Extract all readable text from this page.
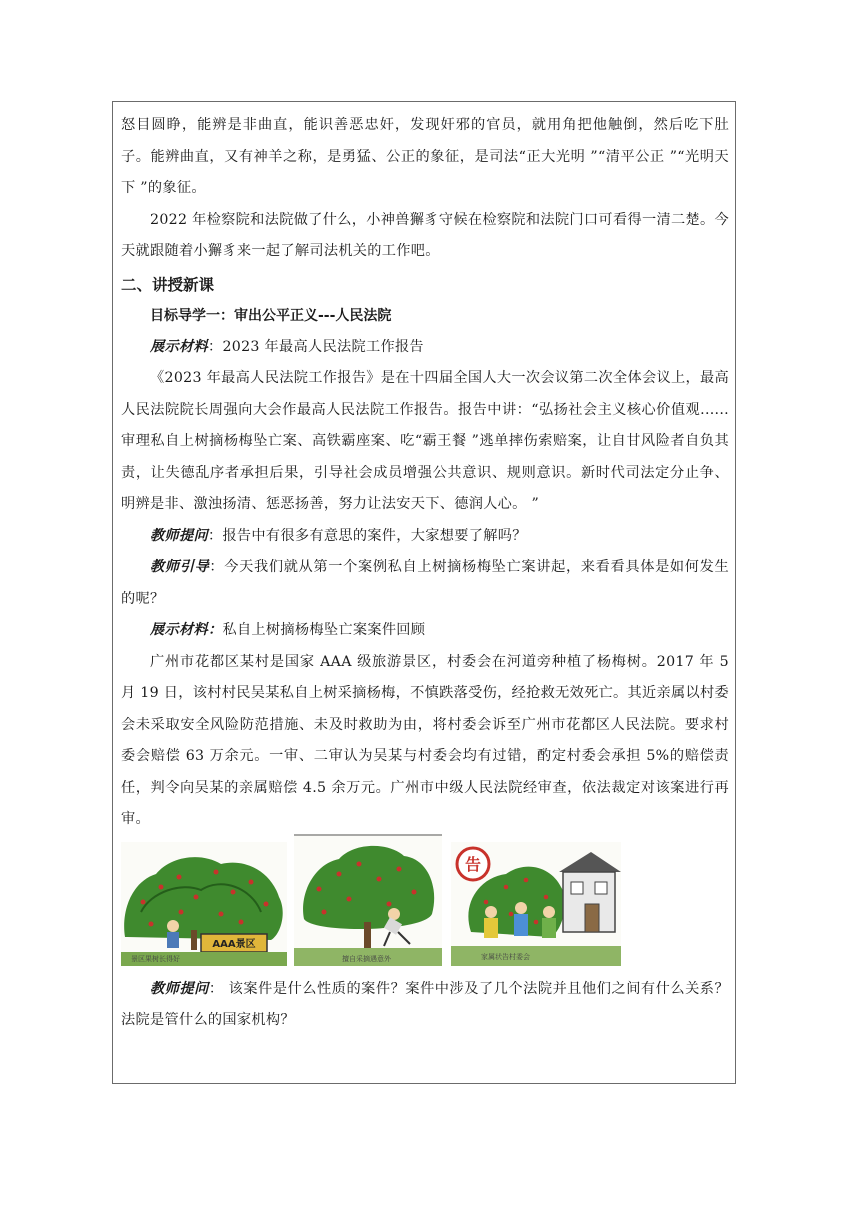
怒目圆睁，能辨是非曲直，能识善恶忠奸，发现奸邪的官员，就用角把他触倒，然后吃下肚子。能辨曲直，又有神羊之称，是勇猛、公正的象征，是司法“正大光明 ”“清平公正 ”“光明天下 ”的象征。

2022 年检察院和法院做了什么，小神兽獬豸守候在检察院和法院门口可看得一清二楚。今天就跟随着小獬豸来一起了解司法机关的工作吧。

二、讲授新课

目标导学一：审出公平正义---人民法院

展示材料：2023 年最高人民法院工作报告

《2023 年最高人民法院工作报告》是在十四届全国人大一次会议第二次全体会议上，最高人民法院院长周强向大会作最高人民法院工作报告。报告中讲：“弘扬社会主义核心价值观......审理私自上树摘杨梅坠亡案、高铁霸座案、吃“霸王餐 ”逃单摔伤索赔案，让自甘风险者自负其责，让失德乱序者承担后果，引导社会成员增强公共意识、规则意识。新时代司法定分止争、明辨是非、激浊扬清、惩恶扬善，努力让法安天下、德润人心。 ”

教师提问：报告中有很多有意思的案件，大家想要了解吗？

教师引导：今天我们就从第一个案例私自上树摘杨梅坠亡案讲起，来看看具体是如何发生的呢？

展示材料：私自上树摘杨梅坠亡案案件回顾

广州市花都区某村是国家 AAA 级旅游景区，村委会在河道旁种植了杨梅树。2017 年 5 月 19 日，该村村民吴某私自上树采摘杨梅，不慎跌落受伤，经抢救无效死亡。其近亲属以村委会未采取安全风险防范措施、未及时救助为由，将村委会诉至广州市花都区人民法院。要求村委会赔偿 63 万余元。一审、二审认为吴某与村委会均有过错，酌定村委会承担 5%的赔偿责任，判令向吴某的亲属赔偿 4.5 余万元。广州市中级人民法院经审查，依法裁定对该案进行再审。

AAA景区
景区果树长得好	擅自采摘遇意外
告
家属状告村委会

教师提问： 该案件是什么性质的案件？案件中涉及了几个法院并且他们之间有什么关系？法院是管什么的国家机构？
